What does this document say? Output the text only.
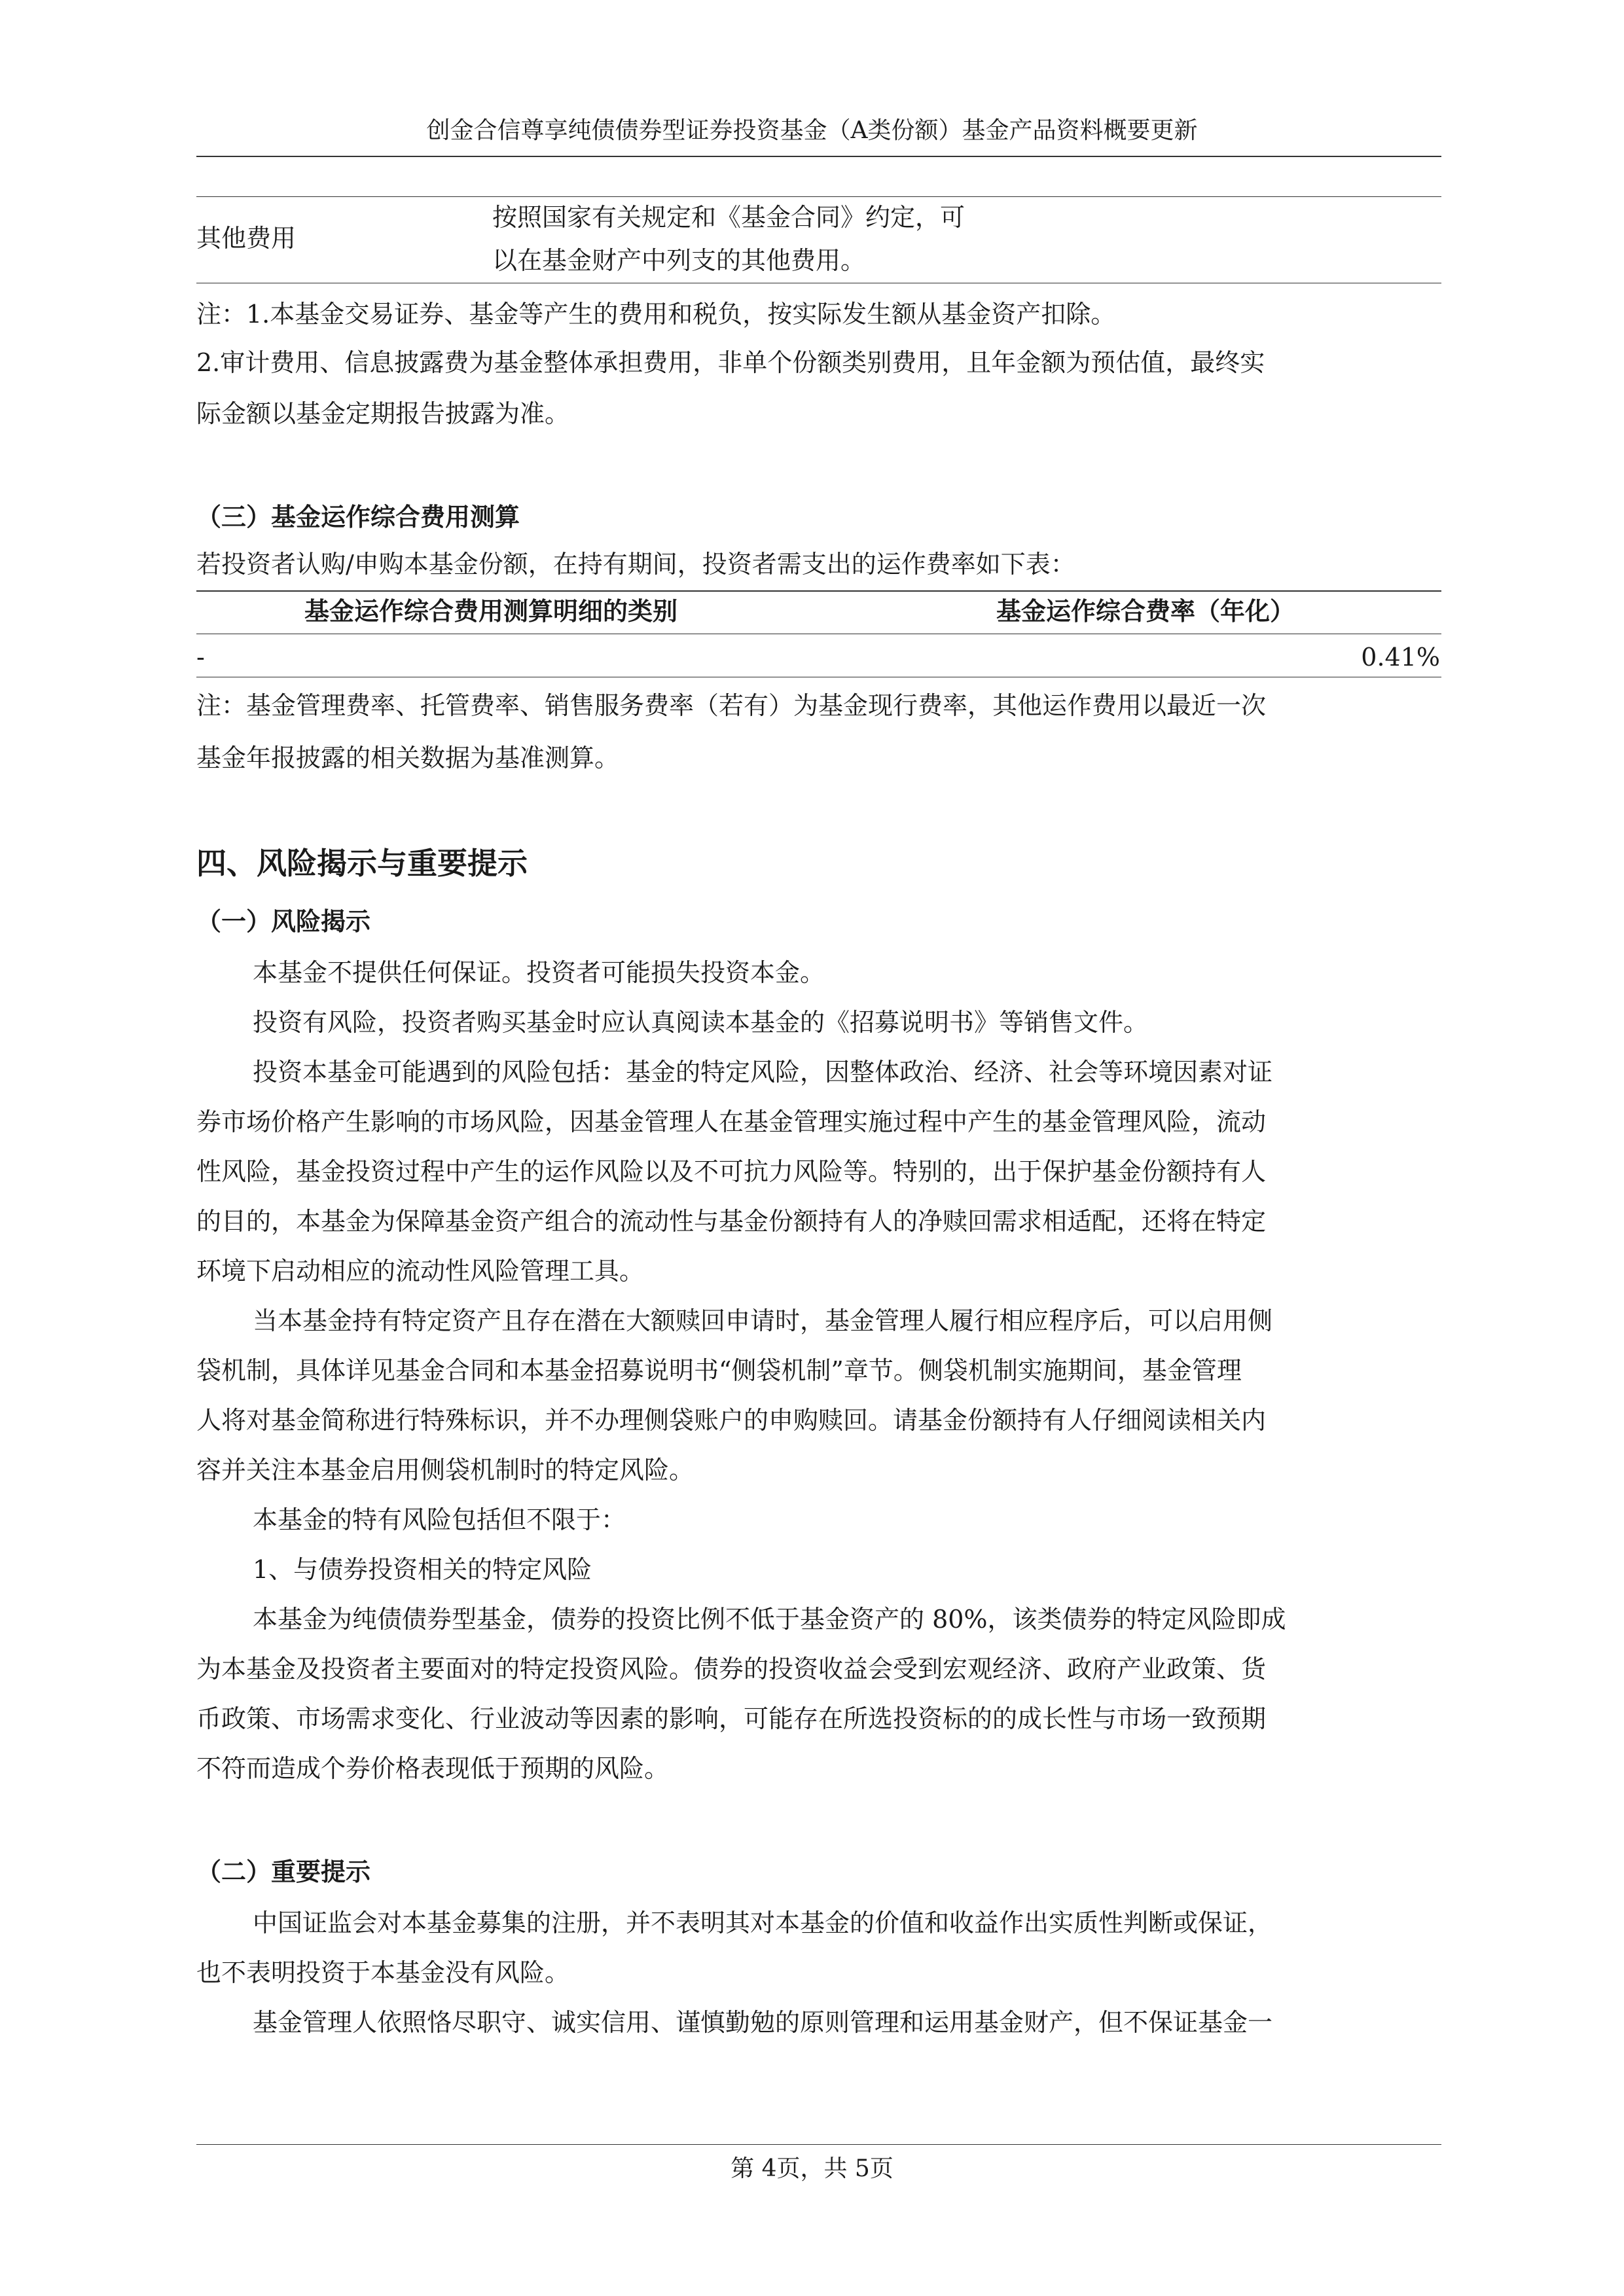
创金合信尊享纯债债券型证券投资基金（A类份额）基金产品资料概要更新
其他费用
按照国家有关规定和《基金合同》约定，可
以在基金财产中列支的其他费用。
注：1.本基金交易证券、基金等产生的费用和税负，按实际发生额从基金资产扣除。
2.审计费用、信息披露费为基金整体承担费用，非单个份额类别费用，且年金额为预估值，最终实
际金额以基金定期报告披露为准。
（三）基金运作综合费用测算
若投资者认购/申购本基金份额，在持有期间，投资者需支出的运作费率如下表：
基金运作综合费用测算明细的类别	基金运作综合费率（年化）
-	0.41%
注：基金管理费率、托管费率、销售服务费率（若有）为基金现行费率，其他运作费用以最近一次
基金年报披露的相关数据为基准测算。
四、风险揭示与重要提示
（一）风险揭示
本基金不提供任何保证。投资者可能损失投资本金。
投资有风险，投资者购买基金时应认真阅读本基金的《招募说明书》等销售文件。
投资本基金可能遇到的风险包括：基金的特定风险，因整体政治、经济、社会等环境因素对证
券市场价格产生影响的市场风险，因基金管理人在基金管理实施过程中产生的基金管理风险，流动
性风险，基金投资过程中产生的运作风险以及不可抗力风险等。特别的，出于保护基金份额持有人
的目的，本基金为保障基金资产组合的流动性与基金份额持有人的净赎回需求相适配，还将在特定
环境下启动相应的流动性风险管理工具。
当本基金持有特定资产且存在潜在大额赎回申请时，基金管理人履行相应程序后，可以启用侧
袋机制，具体详见基金合同和本基金招募说明书“侧袋机制”章节。侧袋机制实施期间，基金管理
人将对基金简称进行特殊标识，并不办理侧袋账户的申购赎回。请基金份额持有人仔细阅读相关内
容并关注本基金启用侧袋机制时的特定风险。
本基金的特有风险包括但不限于：
1、与债券投资相关的特定风险
本基金为纯债债券型基金，债券的投资比例不低于基金资产的 80%，该类债券的特定风险即成
为本基金及投资者主要面对的特定投资风险。债券的投资收益会受到宏观经济、政府产业政策、货
币政策、市场需求变化、行业波动等因素的影响，可能存在所选投资标的的成长性与市场一致预期
不符而造成个券价格表现低于预期的风险。
（二）重要提示
中国证监会对本基金募集的注册，并不表明其对本基金的价值和收益作出实质性判断或保证，
也不表明投资于本基金没有风险。
基金管理人依照恪尽职守、诚实信用、谨慎勤勉的原则管理和运用基金财产，但不保证基金一
第 4页，共 5页
